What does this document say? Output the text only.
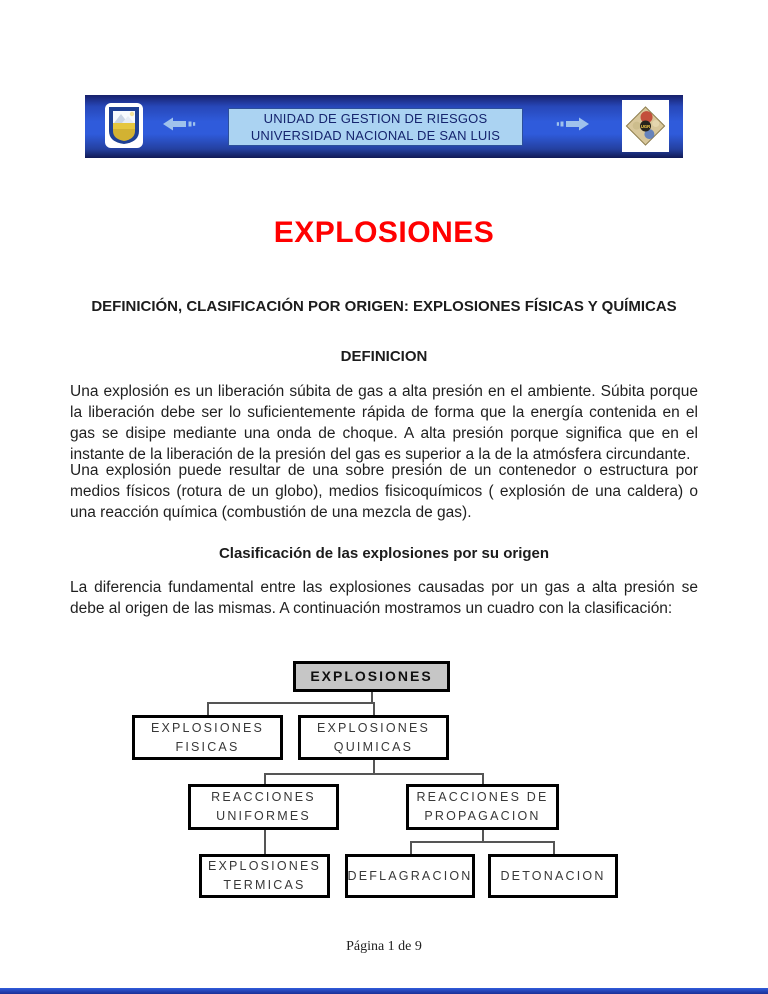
UNIDAD DE GESTION DE RIESGOS
UNIVERSIDAD NACIONAL DE SAN LUIS
UGR
EXPLOSIONES
DEFINICIÓN, CLASIFICACIÓN POR ORIGEN: EXPLOSIONES FÍSICAS Y QUÍMICAS
DEFINICION

Una explosión es un liberación súbita de gas a alta presión en el ambiente. Súbita porque la liberación debe ser lo suficientemente rápida de forma que la energía contenida en el gas se disipe mediante una onda de choque. A alta presión porque significa que en el instante de la liberación de la presión del gas es superior a la de la atmósfera circundante.

Una explosión puede resultar de una sobre presión de un contenedor o estructura por medios físicos (rotura de un globo), medios fisicoquímicos ( explosión de una caldera) o una reacción química (combustión de una mezcla de gas).

Clasificación de las explosiones por su origen

La diferencia fundamental entre las explosiones causadas por un gas a alta presión se debe al origen de las mismas. A continuación mostramos un cuadro con la clasificación:

EXPLOSIONES
EXPLOSIONES FISICAS
EXPLOSIONES QUIMICAS
REACCIONES UNIFORMES
REACCIONES DE PROPAGACION
EXPLOSIONES TERMICAS
DEFLAGRACION	DETONACION
Página 1 de 9
